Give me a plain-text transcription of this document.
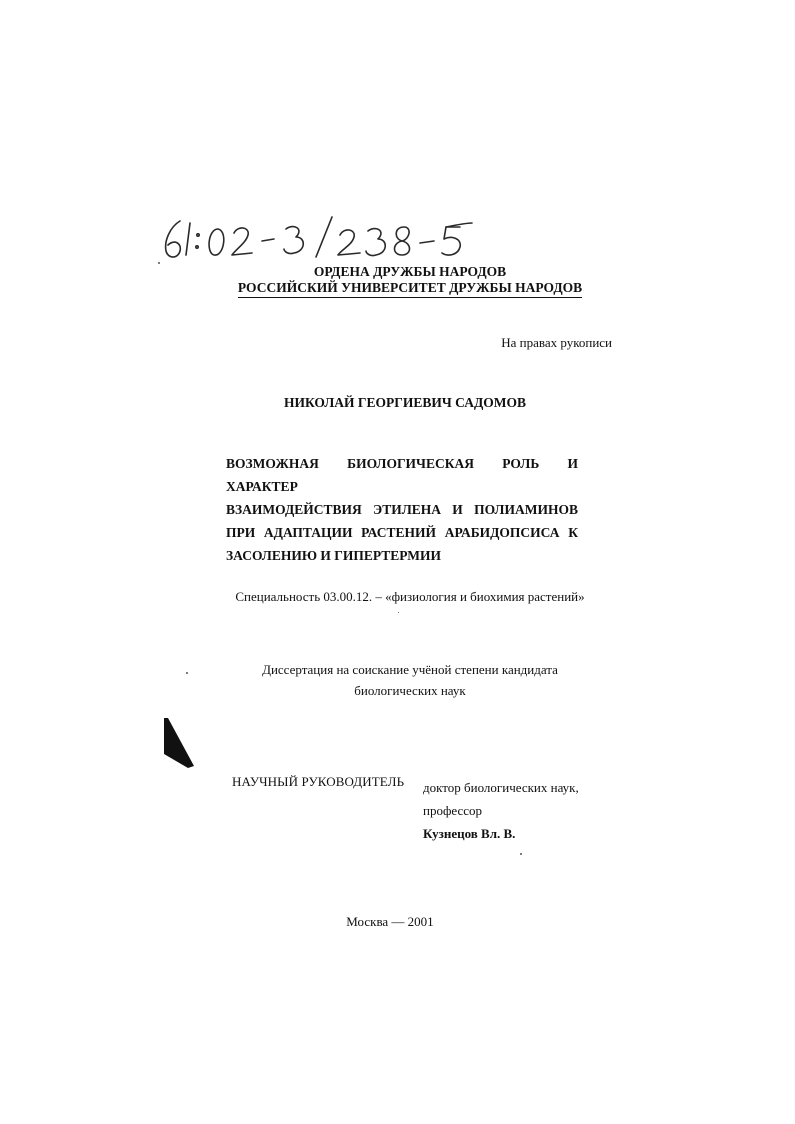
ОРДЕНА ДРУЖБЫ НАРОДОВ
РОССИЙСКИЙ УНИВЕРСИТЕТ ДРУЖБЫ НАРОДОВ
На правах рукописи
НИКОЛАЙ ГЕОРГИЕВИЧ САДОМОВ
ВОЗМОЖНАЯ БИОЛОГИЧЕСКАЯ РОЛЬ И ХАРАКТЕР
ВЗАИМОДЕЙСТВИЯ ЭТИЛЕНА И ПОЛИАМИНОВ
ПРИ АДАПТАЦИИ РАСТЕНИЙ АРАБИДОПСИСА К
ЗАСОЛЕНИЮ И ГИПЕРТЕРМИИ
Специальность 03.00.12. – «физиология и биохимия растений»
Диссертация на соискание учёной степени кандидата
биологических наук
НАУЧНЫЙ РУКОВОДИТЕЛЬ доктор биологических наук,
профессор
Кузнецов Вл. В.
Москва — 2001
